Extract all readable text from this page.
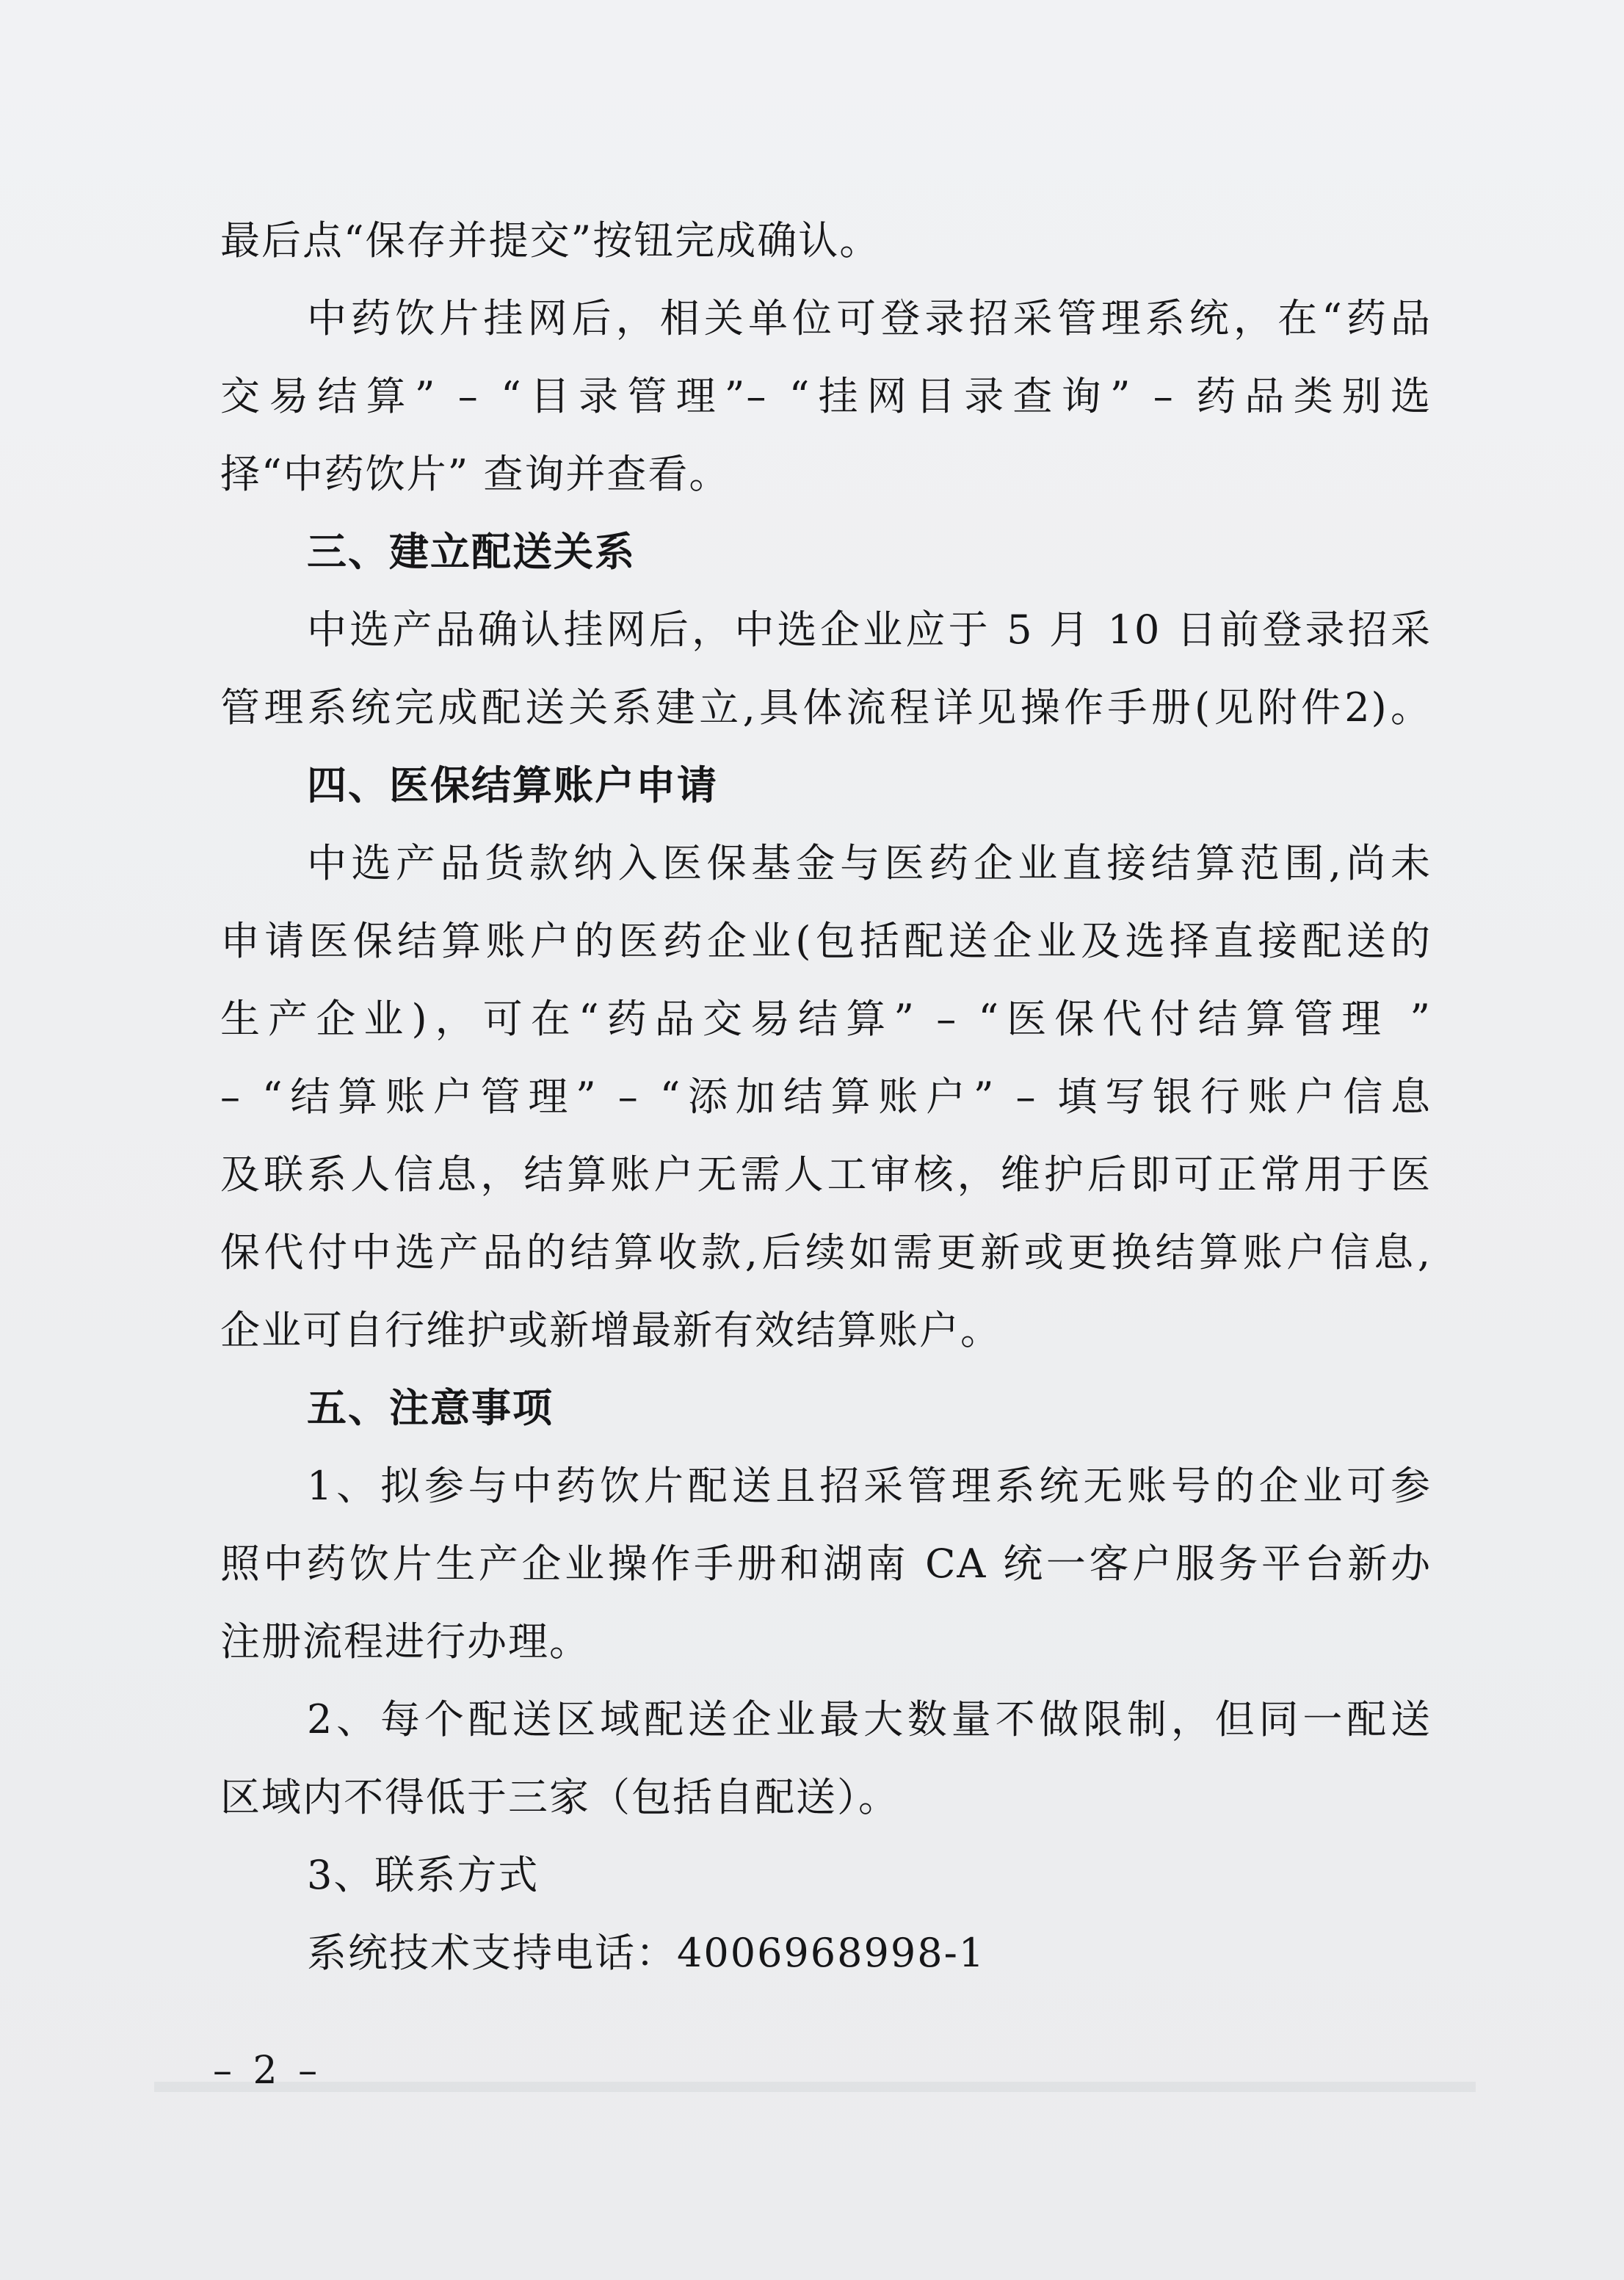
最后点“保存并提交”按钮完成确认。
中药饮片挂网后，相关单位可登录招采管理系统，在“药品
交易结算” – “目录管理”– “挂网目录查询” – 药品类别选
择“中药饮片” 查询并查看。
三、建立配送关系
中选产品确认挂网后，中选企业应于 5 月 10 日前登录招采
管理系统完成配送关系建立,具体流程详见操作手册(见附件2)。
四、医保结算账户申请
中选产品货款纳入医保基金与医药企业直接结算范围,尚未
申请医保结算账户的医药企业(包括配送企业及选择直接配送的
生产企业)，可在“药品交易结算” – “医保代付结算管理 ”
– “结算账户管理” – “添加结算账户” – 填写银行账户信息
及联系人信息，结算账户无需人工审核，维护后即可正常用于医
保代付中选产品的结算收款,后续如需更新或更换结算账户信息,
企业可自行维护或新增最新有效结算账户。
五、注意事项
1、拟参与中药饮片配送且招采管理系统无账号的企业可参
照中药饮片生产企业操作手册和湖南 CA 统一客户服务平台新办
注册流程进行办理。
2、每个配送区域配送企业最大数量不做限制，但同一配送
区域内不得低于三家（包括自配送）。
3、联系方式
系统技术支持电话：4006968998-1
– 2 –
